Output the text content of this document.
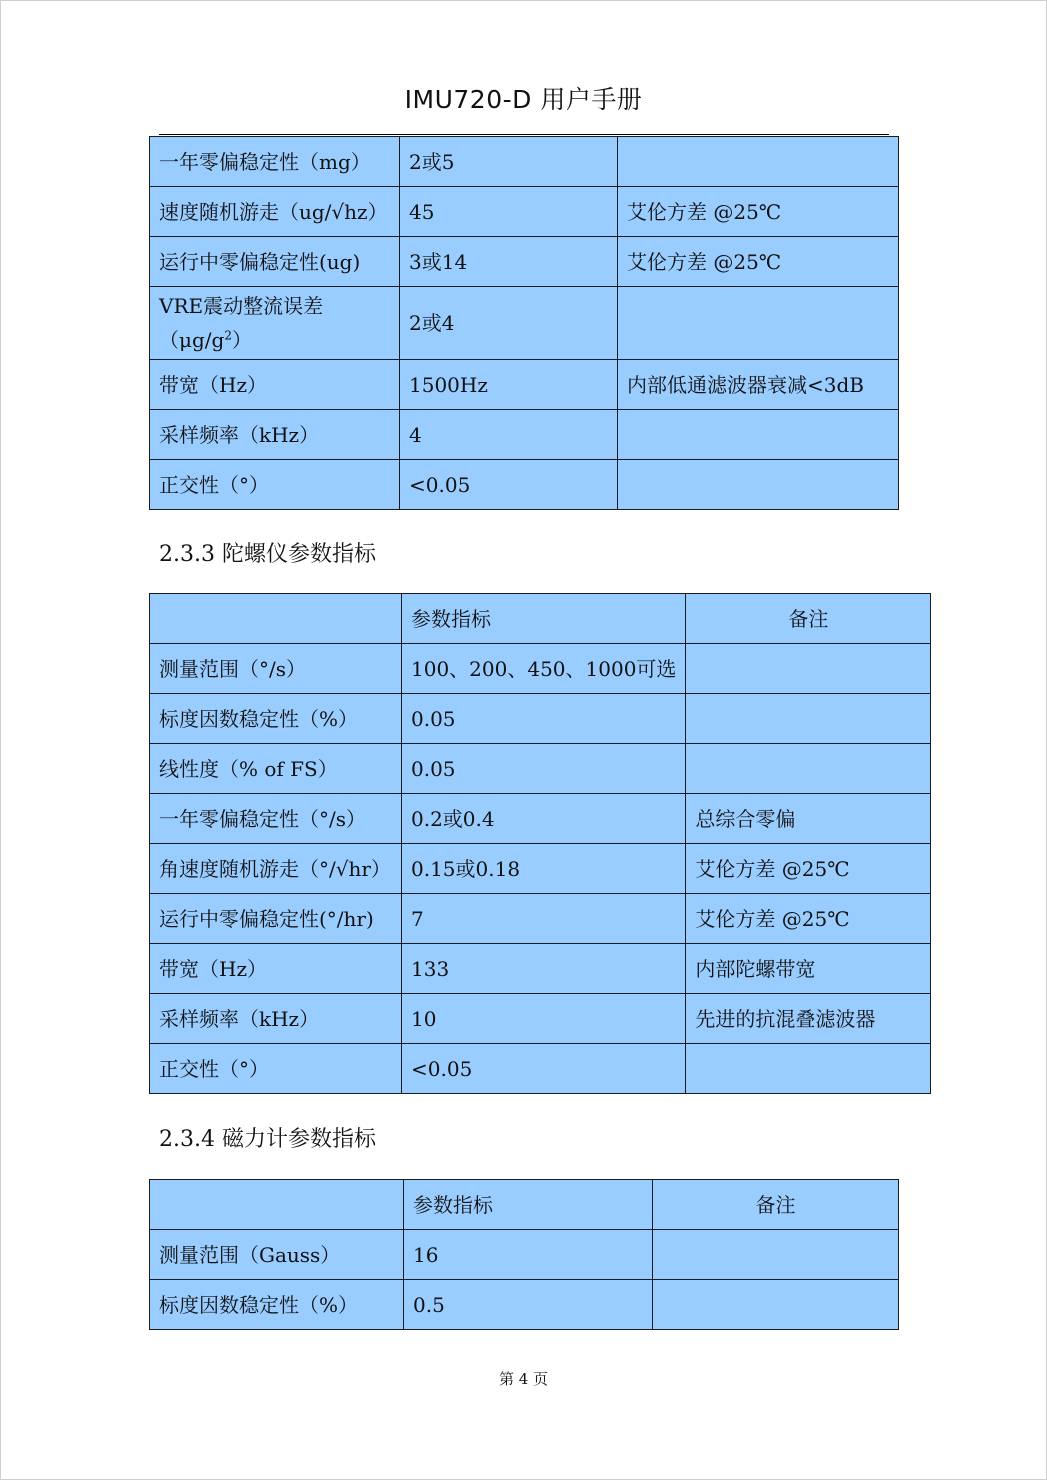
IMU720-D 用户手册
一年零偏稳定性（mg）	2或5	
速度随机游走（ug/√hz）	45	艾伦方差 @25℃
运行中零偏稳定性(ug)	3或14	艾伦方差 @25℃

VRE震动整流误差
$(\mu g/g^2)$	2或4	
带宽（Hz）	1500Hz	内部低通滤波器衰减<3dB
采样频率（kHz）	4	
正交性（°）	<0.05	
2.3.3 陀螺仪参数指标
	参数指标	备注
测量范围（°/s）	100、200、450、1000可选	
标度因数稳定性（%）	0.05	
线性度（% of FS）	0.05	
一年零偏稳定性（°/s）	0.2或0.4	总综合零偏
角速度随机游走（°/√hr）	0.15或0.18	艾伦方差 @25℃
运行中零偏稳定性(°/hr)	7	艾伦方差 @25℃
带宽（Hz）	133	内部陀螺带宽
采样频率（kHz）	10	先进的抗混叠滤波器
正交性（°）	<0.05	
2.3.4 磁力计参数指标
	参数指标	备注
测量范围（Gauss）	16	
标度因数稳定性（%）	0.5	
第 4 页
